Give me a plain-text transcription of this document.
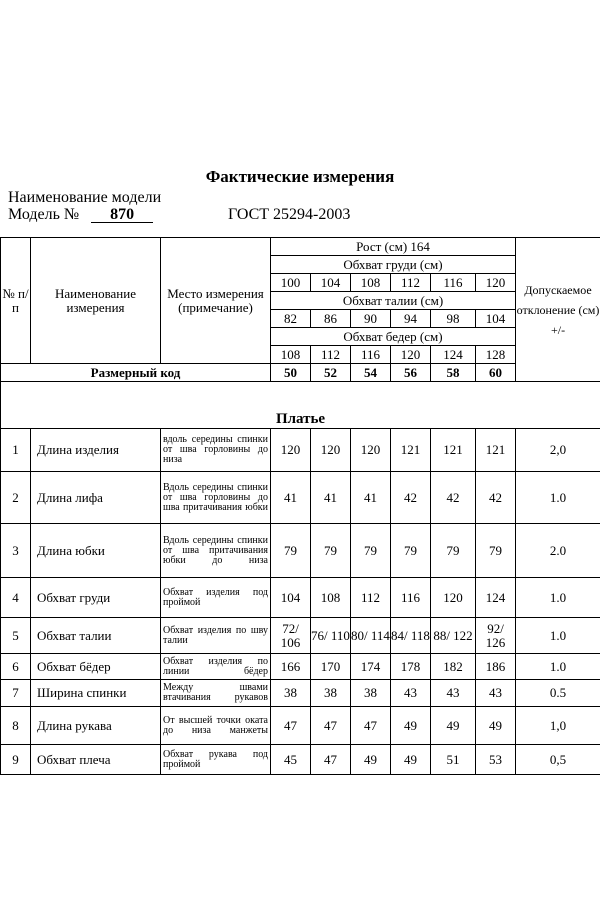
Фактические измерения
Наименование модели
Модель № 870	ГОСТ 25294-2003
№ п/ п	Наименование измерения	Место измерения (примечание)	Рост (см) 164						Допускаемое отклонение (см) +/-
			Обхват груди (см)						
			100	104	108	112	116	120	
			Обхват талии (см)						
			82	86	90	94	98	104	
			Обхват бедер (см)						
			108	112	116	120	124	128	
Размерный код			50	52	54	56	58	60	
Платье									
1	Длина изделия	вдоль середины спинки от шва горловины до низа	120	120	120	121	121	121	2,0
2	Длина лифа	Вдоль середины спинки от шва горловины до шва притачивания юбки	41	41	41	42	42	42	1.0
3	Длина юбки	Вдоль середины спинки от шва притачивания юбки до низа	79	79	79	79	79	79	2.0
4	Обхват груди	Обхват изделия под проймой	104	108	112	116	120	124	1.0
5	Обхват талии	Обхват изделия по шву талии	72/ 106	76/ 110	80/ 114	84/ 118	88/ 122	92/ 126	1.0
6	Обхват бёдер	Обхват изделия по линии бёдер	166	170	174	178	182	186	1.0
7	Ширина спинки	Между швами втачивания рукавов	38	38	38	43	43	43	0.5
8	Длина рукава	От высшей точки оката до низа манжеты	47	47	47	49	49	49	1,0
9	Обхват плеча	Обхват рукава под проймой	45	47	49	49	51	53	0,5
